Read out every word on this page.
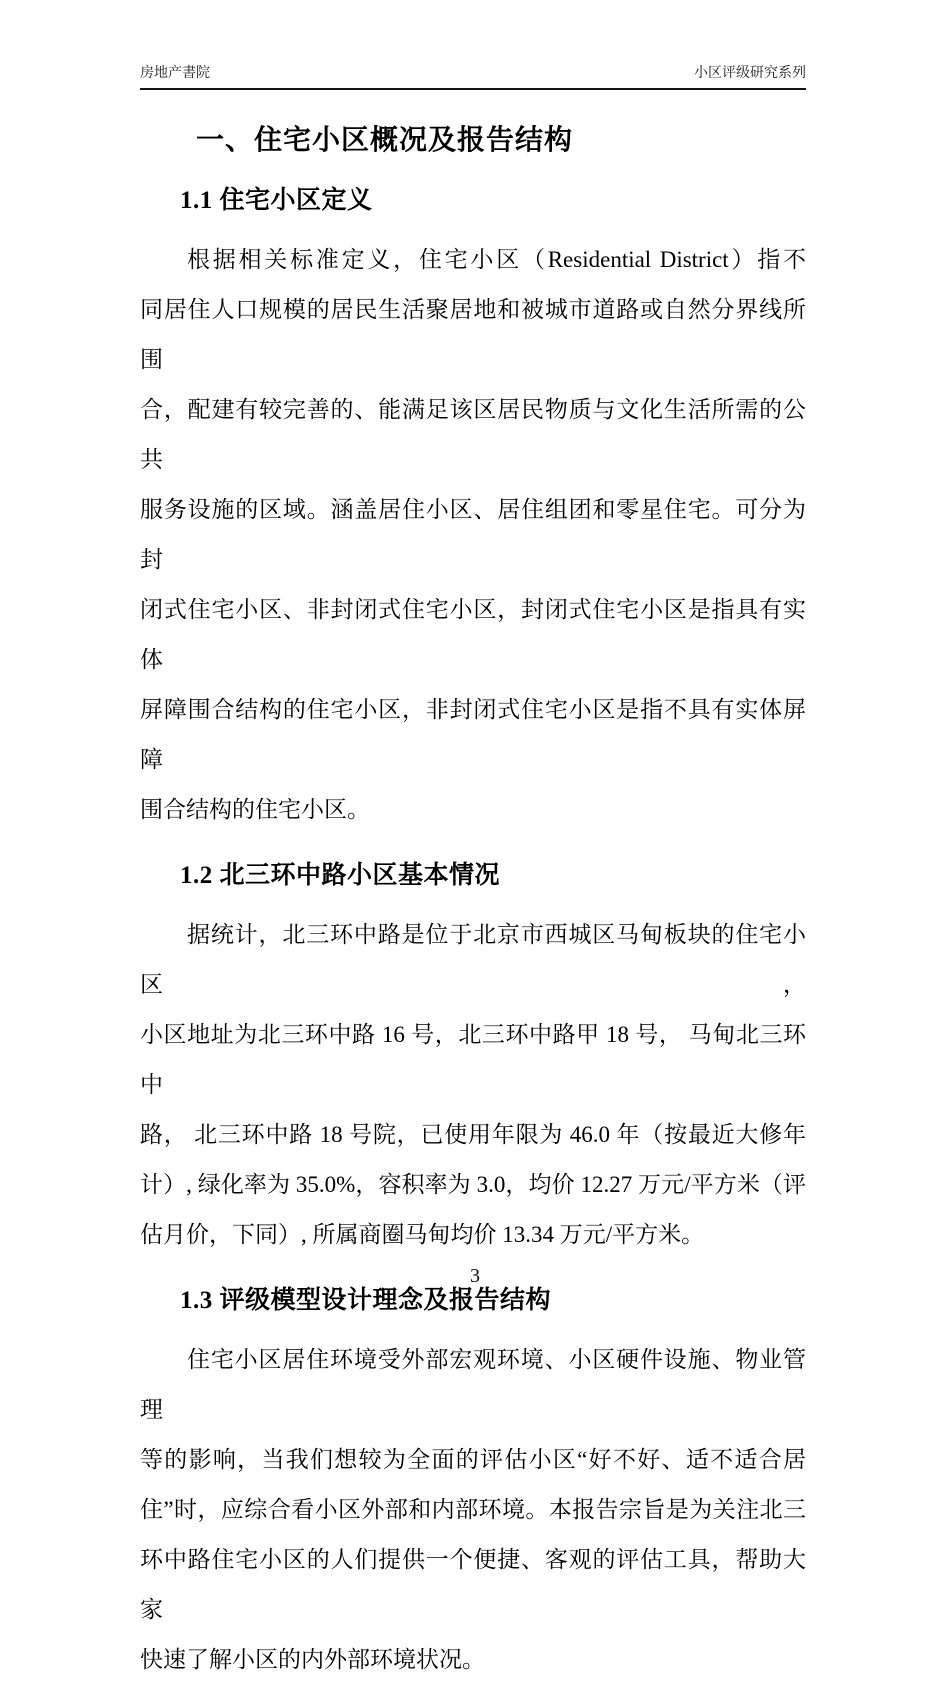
房地产書院	小区评级研究系列
一、住宅小区概况及报告结构
1.1 住宅小区定义
根据相关标准定义，住宅小区（Residential District）指不
同居住人口规模的居民生活聚居地和被城市道路或自然分界线所围
合，配建有较完善的、能满足该区居民物质与文化生活所需的公共
服务设施的区域。涵盖居住小区、居住组团和零星住宅。可分为封
闭式住宅小区、非封闭式住宅小区，封闭式住宅小区是指具有实体
屏障围合结构的住宅小区，非封闭式住宅小区是指不具有实体屏障
围合结构的住宅小区。
1.2 北三环中路小区基本情况
据统计，北三环中路是位于北京市西城区马甸板块的住宅小区，
小区地址为北三环中路 16 号，北三环中路甲 18 号， 马甸北三环中
路， 北三环中路 18 号院，已使用年限为 46.0 年（按最近大修年
计）, 绿化率为 35.0%，容积率为 3.0，均价 12.27 万元/平方米（评
估月价，下同）, 所属商圈马甸均价 13.34 万元/平方米。
1.3 评级模型设计理念及报告结构
住宅小区居住环境受外部宏观环境、小区硬件设施、物业管理
等的影响，当我们想较为全面的评估小区“好不好、适不适合居
住”时，应综合看小区外部和内部环境。本报告宗旨是为关注北三
环中路住宅小区的人们提供一个便捷、客观的评估工具，帮助大家
快速了解小区的内外部环境状况。
3
